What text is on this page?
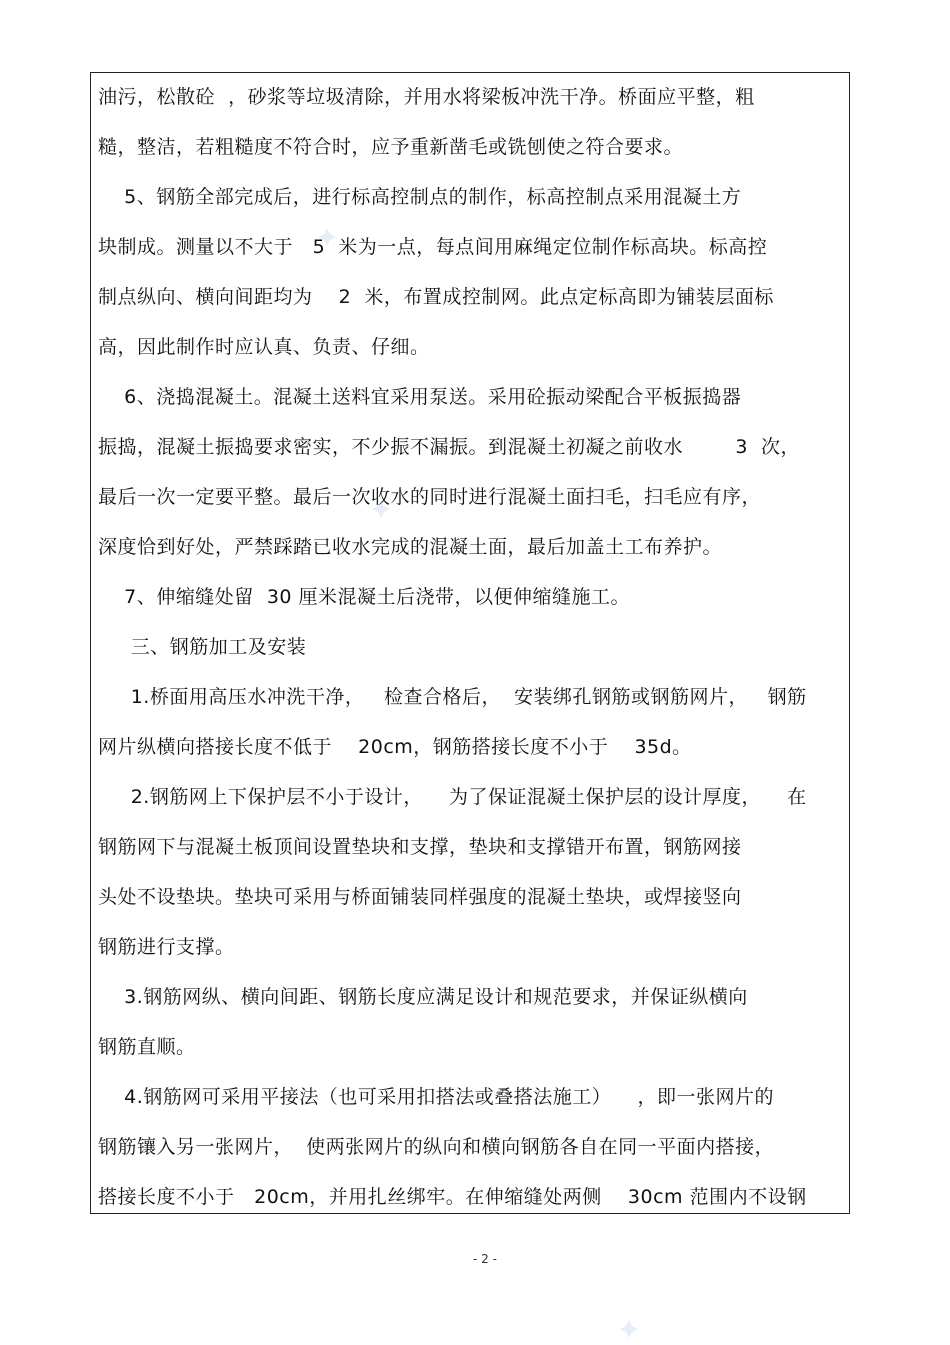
油污，松散砼  ，砂浆等垃圾清除，并用水将梁板冲洗干净。桥面应平整，粗
糙，整洁，若粗糙度不符合时，应予重新凿毛或铣刨使之符合要求。
5、钢筋全部完成后，进行标高控制点的制作，标高控制点采用混凝土方
块制成。测量以不大于   5  米为一点，每点间用麻绳定位制作标高块。标高控
制点纵向、横向间距均为    2  米，布置成控制网。此点定标高即为铺装层面标
高，因此制作时应认真、负责、仔细。
6、浇捣混凝土。混凝土送料宜采用泵送。采用砼振动梁配合平板振捣器
振捣，混凝土振捣要求密实，不少振不漏振。到混凝土初凝之前收水        3  次，
最后一次一定要平整。最后一次收水的同时进行混凝土面扫毛，扫毛应有序，
深度恰到好处，严禁踩踏已收水完成的混凝土面，最后加盖土工布养护。
7、伸缩缝处留  30 厘米混凝土后浇带，以便伸缩缝施工。
三、钢筋加工及安装
1.桥面用高压水冲洗干净，   检查合格后，  安装绑孔钢筋或钢筋网片，   钢筋
网片纵横向搭接长度不低于    20cm，钢筋搭接长度不小于    35d。
2.钢筋网上下保护层不小于设计，    为了保证混凝土保护层的设计厚度，    在
钢筋网下与混凝土板顶间设置垫块和支撑，垫块和支撑错开布置，钢筋网接
头处不设垫块。垫块可采用与桥面铺装同样强度的混凝土垫块，或焊接竖向
钢筋进行支撑。
3.钢筋网纵、横向间距、钢筋长度应满足设计和规范要求，并保证纵横向
钢筋直顺。
4.钢筋网可采用平接法（也可采用扣搭法或叠搭法施工）    ，即一张网片的
钢筋镶入另一张网片，  使两张网片的纵向和横向钢筋各自在同一平面内搭接，
搭接长度不小于   20cm，并用扎丝绑牢。在伸缩缝处两侧    30cm 范围内不设钢
- 2 -
